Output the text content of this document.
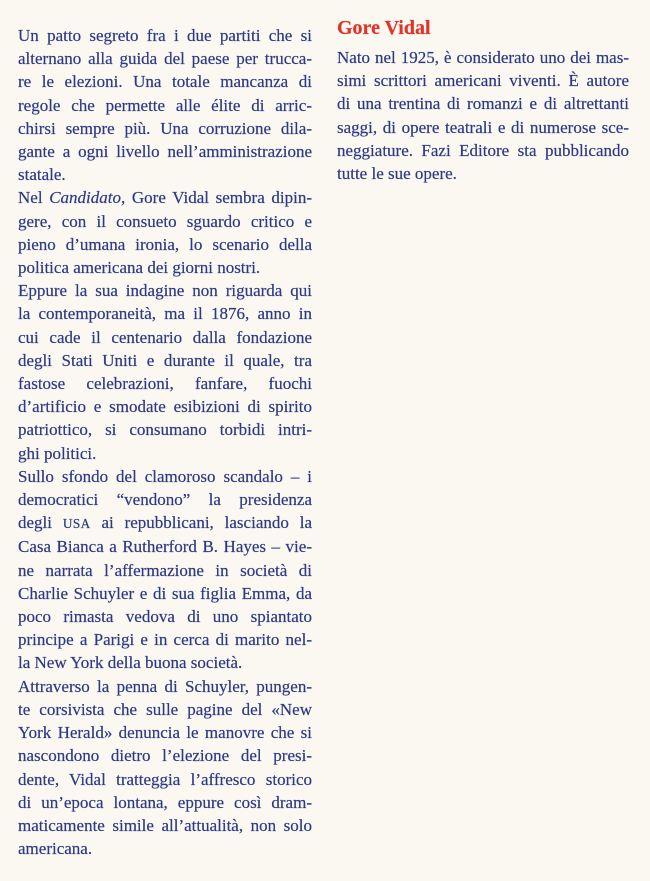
Un patto segreto fra i due partiti che si
alternano alla guida del paese per trucca-
re le elezioni. Una totale mancanza di
regole che permette alle élite di arric-
chirsi sempre più. Una corruzione dila-
gante a ogni livello nell’amministrazione
statale.
Nel Candidato, Gore Vidal sembra dipin-
gere, con il consueto sguardo critico e
pieno d’umana ironia, lo scenario della
politica americana dei giorni nostri.
Eppure la sua indagine non riguarda qui
la contemporaneità, ma il 1876, anno in
cui cade il centenario dalla fondazione
degli Stati Uniti e durante il quale, tra
fastose celebrazioni, fanfare, fuochi
d’artificio e smodate esibizioni di spirito
patriottico, si consumano torbidi intri-
ghi politici.
Sullo sfondo del clamoroso scandalo – i
democratici “vendono” la presidenza
degli USA ai repubblicani, lasciando la
Casa Bianca a Rutherford B. Hayes – vie-
ne narrata l’affermazione in società di
Charlie Schuyler e di sua figlia Emma, da
poco rimasta vedova di uno spiantato
principe a Parigi e in cerca di marito nel-
la New York della buona società.
Attraverso la penna di Schuyler, pungen-
te corsivista che sulle pagine del «New
York Herald» denuncia le manovre che si
nascondono dietro l’elezione del presi-
dente, Vidal tratteggia l’affresco storico
di un’epoca lontana, eppure così dram-
maticamente simile all’attualità, non solo
americana.
Gore Vidal
Nato nel 1925, è considerato uno dei mas-
simi scrittori americani viventi. È autore
di una trentina di romanzi e di altrettanti
saggi, di opere teatrali e di numerose sce-
neggiature. Fazi Editore sta pubblicando
tutte le sue opere.
